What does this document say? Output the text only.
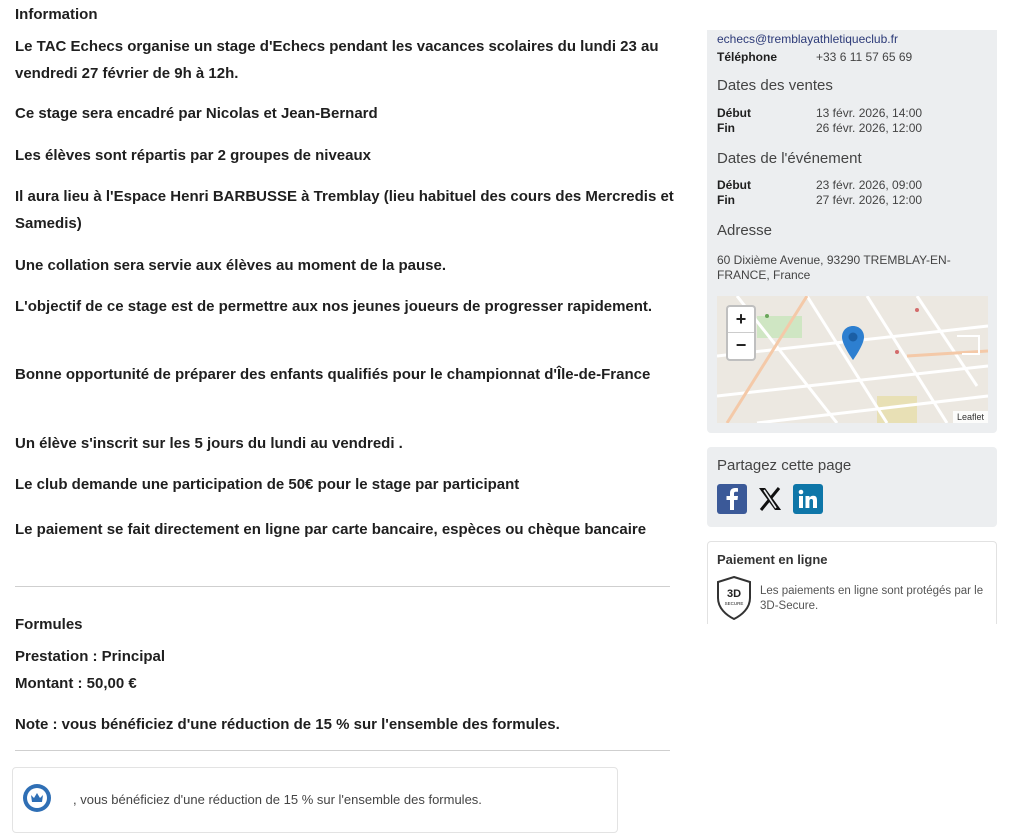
Information
Le TAC Echecs organise un stage d'Echecs pendant les vacances scolaires du lundi 23 au vendredi 27 février de 9h à 12h.
Ce stage sera encadré par Nicolas et Jean-Bernard
Les élèves sont répartis par 2 groupes de niveaux
Il aura lieu à l'Espace Henri BARBUSSE à Tremblay (lieu habituel des cours des Mercredis et Samedis)
Une collation sera servie aux élèves au moment de la pause.
L'objectif de ce stage est de permettre aux nos jeunes joueurs de progresser rapidement.
Bonne opportunité de préparer des enfants qualifiés pour le championnat d'Île-de-France
Un élève s'inscrit sur les 5 jours du lundi au vendredi .
Le club demande une participation de 50€ pour le stage par participant
Le paiement se fait directement en ligne par carte bancaire, espèces ou chèque bancaire
Formules
Prestation : Principal
Montant : 50,00 €
Note : vous bénéficiez d'une réduction de 15 % sur l'ensemble des formules.
, vous bénéficiez d'une réduction de 15 % sur l'ensemble des formules.
echecs@tremblayathletiqueclub.fr
Téléphone	+33 6 11 57 65 69
Dates des ventes
Début	13 févr. 2026, 14:00
Fin	26 févr. 2026, 12:00
Dates de l'événement
Début	23 févr. 2026, 09:00
Fin	27 févr. 2026, 12:00
Adresse
60 Dixième Avenue, 93290 TREMBLAY-EN-FRANCE, France
+
−
Leaflet
Partagez cette page
Paiement en ligne
3D
SECURE
Les paiements en ligne sont protégés par le 3D-Secure.
